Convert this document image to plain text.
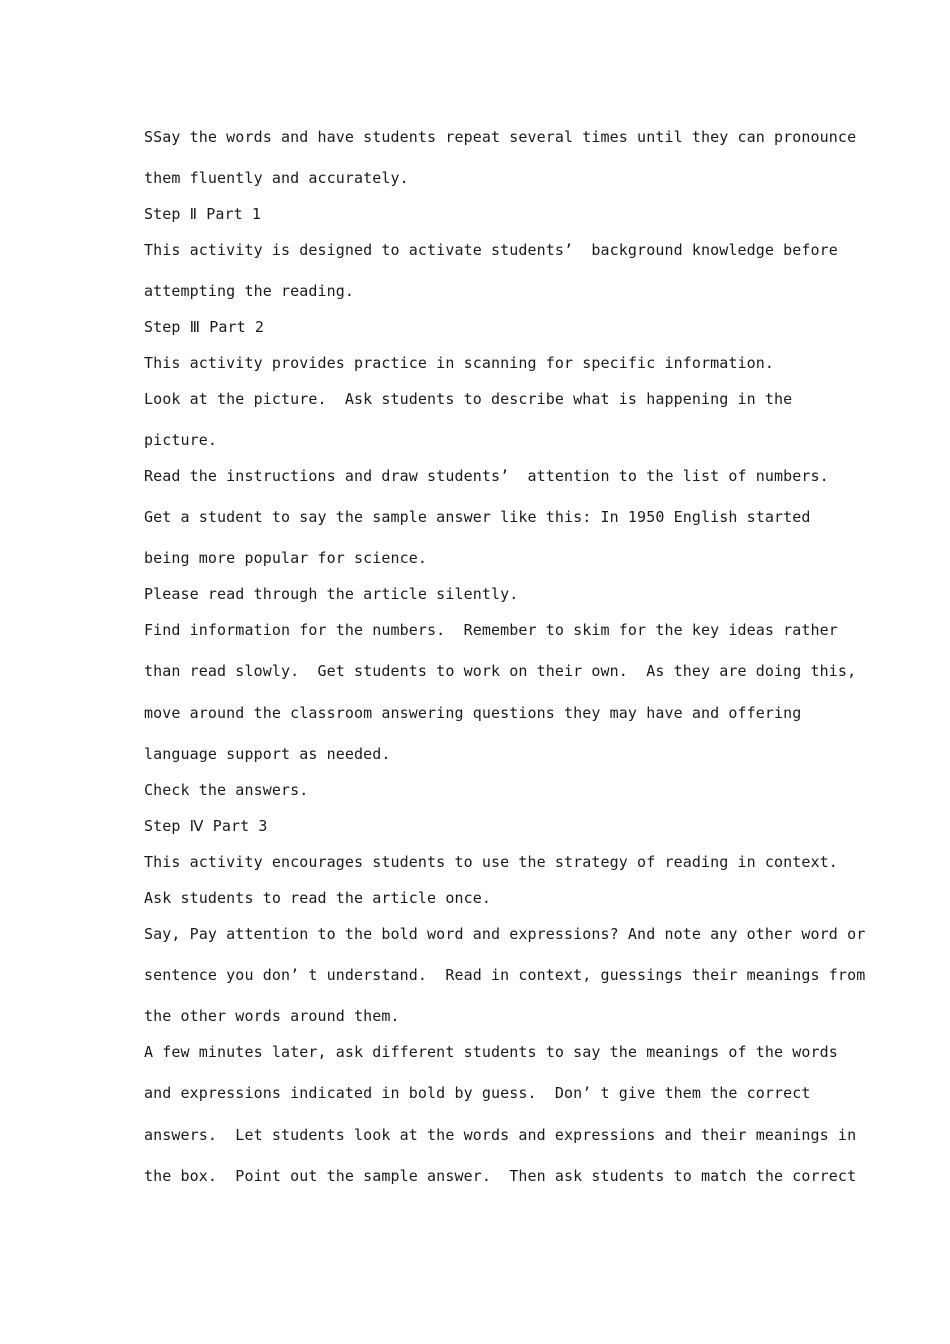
SSay the words and have students repeat several times until they can pronounce
them fluently and accurately.
Step Ⅱ Part 1
This activity is designed to activate students’  background knowledge before
attempting the reading.
Step Ⅲ Part 2
This activity provides practice in scanning for specific information.
Look at the picture.  Ask students to describe what is happening in the
picture.
Read the instructions and draw students’  attention to the list of numbers.
Get a student to say the sample answer like this: In 1950 English started
being more popular for science.
Please read through the article silently.
Find information for the numbers.  Remember to skim for the key ideas rather
than read slowly.  Get students to work on their own.  As they are doing this,
move around the classroom answering questions they may have and offering
language support as needed.
Check the answers.
Step Ⅳ Part 3
This activity encourages students to use the strategy of reading in context.
Ask students to read the article once.
Say, Pay attention to the bold word and expressions? And note any other word or
sentence you don’ t understand.  Read in context, guessings their meanings from
the other words around them.
A few minutes later, ask different students to say the meanings of the words
and expressions indicated in bold by guess.  Don’ t give them the correct
answers.  Let students look at the words and expressions and their meanings in
the box.  Point out the sample answer.  Then ask students to match the correct
